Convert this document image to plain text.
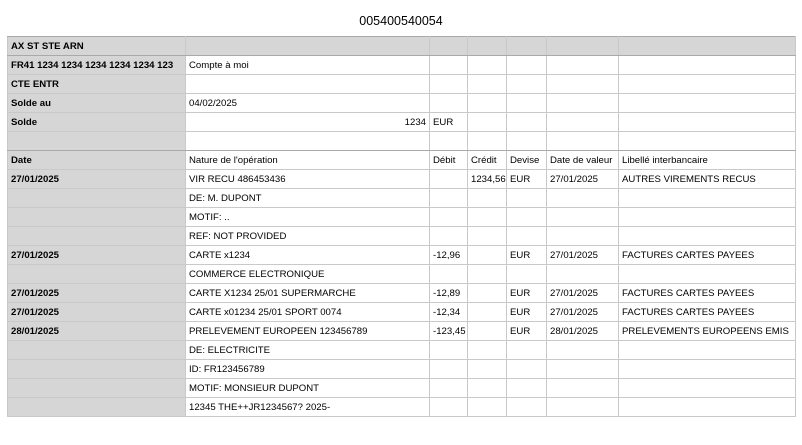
005400540054
AX ST STE ARN						
FR41 1234 1234 1234 1234 1234 123	Compte à moi					
CTE ENTR						
Solde au	04/02/2025					
Solde	1234	EUR				

Date	Nature de l'opération	Débit	Crédit	Devise	Date de valeur	Libellé interbancaire
27/01/2025	VIR RECU 486453436		1234,56	EUR	27/01/2025	AUTRES VIREMENTS RECUS
	DE: M. DUPONT					
	MOTIF: ..					
	REF: NOT PROVIDED					
27/01/2025	CARTE x1234	-12,96		EUR	27/01/2025	FACTURES CARTES PAYEES
	COMMERCE ELECTRONIQUE					
27/01/2025	CARTE X1234 25/01 SUPERMARCHE	-12,89		EUR	27/01/2025	FACTURES CARTES PAYEES
27/01/2025	CARTE x01234 25/01 SPORT 0074	-12,34		EUR	27/01/2025	FACTURES CARTES PAYEES
28/01/2025	PRELEVEMENT EUROPEEN 123456789	-123,45		EUR	28/01/2025	PRELEVEMENTS EUROPEENS EMIS
	DE: ELECTRICITE					
	ID: FR123456789					
	MOTIF: MONSIEUR DUPONT					
	12345 THE++JR1234567? 2025-					
